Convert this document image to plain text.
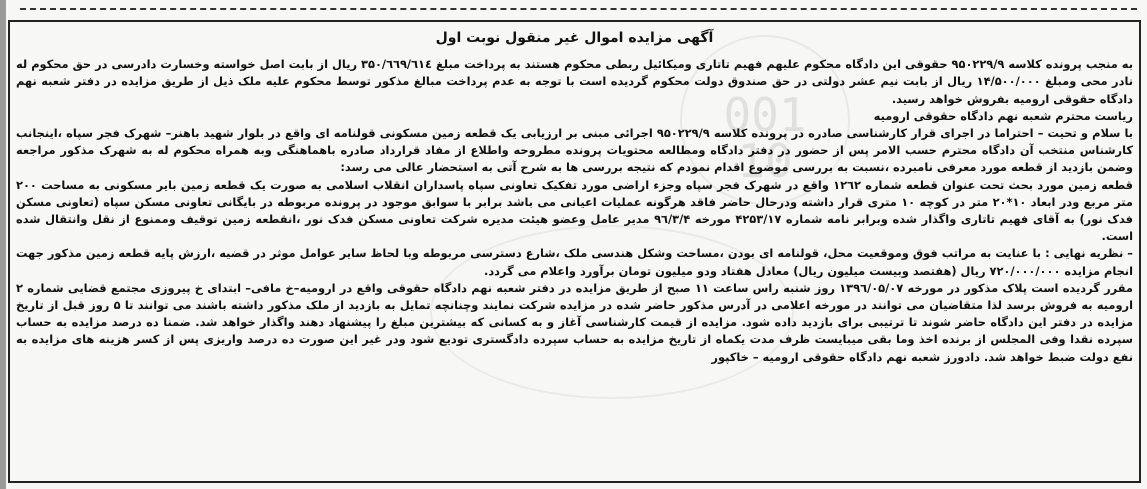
001
10
آگهی مزایده اموال غیر منقول نوبت اول

به منجب پرونده کلاسه ۹۵۰۲۲۹/۹ حقوقی این دادگاه محکوم علیهم فهیم تاتاری ومیکائیل ربطی محکوم هستند به پرداخت مبلغ ۳۵۰/٦٦٩/٦١٤ ریال از بابت اصل خواسته وخسارت دادرسی در حق محکوم له نادر محی ومبلغ ۱۴/۵۰۰/۰۰۰ ریال از بابت نیم عشر دولتی در حق صندوق دولت محکوم گردیده است با توجه به عدم پرداخت مبالغ مذکور توسط محکوم علیه ملک ذیل از طریق مزایده در دفتر شعبه نهم دادگاه حقوقی ارومیه بفروش خواهد رسید.

ریاست محترم شعبه نهم دادگاه حقوقی ارومیه

با سلام و تحیت – احتراما در اجرای قرار کارشناسی صادره در پرونده کلاسه ۹۵۰۲۲۹/۹ اجرائی مبنی بر ارزیابی یک قطعه زمین مسکونی قولنامه ای واقع در بلوار شهید باهنر– شهرک فجر سپاه ،اینجانب کارشناس منتخب آن دادگاه محترم حسب الامر پس از حضور در دفتر دادگاه ومطالعه محتویات پرونده مطروحه واطلاع از مفاد قرارداد صادره باهماهنگی وبه همراه محکوم له به شهرک مذکور مراجعه وضمن بازدید از قطعه مورد معرفی نامبرده ،نسبت به بررسی موضوع اقدام نمودم که نتیجه بررسی ها به شرح آتی به استحضار عالی می رسد:

قطعه زمین مورد بحث تحت عنوان قطعه شماره ۱۲٦۲ واقع در شهرک فجر سپاه وجزء اراضی مورد تفکیک تعاونی سپاه پاسداران انقلاب اسلامی به صورت یک قطعه زمین بایر مسکونی به مساحت ۲۰۰ متر مربع ودر ابعاد ۱۰*۲۰ متر در کوچه ۱۰ متری قرار داشته ودرحال حاضر فاقد هرگونه عملیات اعیانی می باشد برابر با سوابق موجود در پرونده مربوطه در بایگانی تعاونی مسکن سپاه (تعاونی مسکن فدک نور) به آقای فهیم تاتاری واگذار شده وبرابر نامه شماره ۴۲۵۳/۱۷ مورخه ۹٦/۳/۴ مدیر عامل وعضو هیئت مدیره شرکت تعاونی مسکن فدک نور ،انقطعه زمین توقیف وممنوع از نقل وانتقال شده است.

– نظریه نهایی : با عنایت به مراتب فوق وموقعیت محل، قولنامه ای بودن ،مساحت وشکل هندسی ملک ،شارع دسترسی مربوطه وبا لحاظ سایر عوامل موثر در قضیه ،ارزش پایه قطعه زمین مذکور جهت انجام مزایده ۷۲۰/۰۰۰/۰۰۰ ریال (هفتصد وبیست میلیون ریال) معادل هفتاد ودو میلیون تومان برآورد واعلام می گردد.

مقرر گردیده است پلاک مذکور در مورخه ۱۳۹٦/۰۵/۰۷ روز شنبه راس ساعت ۱۱ صبح از طریق مزایده در دفتر شعبه نهم دادگاه حقوقی واقع در ارومیه–خ مافی– ابتدای خ پیروزی مجتمع قضایی شماره ۲ ارومیه به فروش برسد لذا متقاضیان می توانند در مورخه اعلامی در آدرس مذکور حاضر شده در مزایده شرکت نمایند وچنانچه تمایل به بازدید از ملک مذکور داشته باشند می توانند تا ۵ روز قبل از تاریخ مزایده در دفتر این دادگاه حاضر شوند تا ترتیبی برای بازدید داده شود. مزایده از قیمت کارشناسی آغاز و به کسانی که بیشترین مبلغ را پیشنهاد دهند واگذار خواهد شد. ضمنا ده درصد مزایده به حساب سپرده نقدا وفی المجلس از برنده اخذ وما بقی میبایست ظرف مدت یکماه از تاریخ مزایده به حساب سپرده دادگستری تودیع شود ودر غیر این صورت ده درصد واریزی پس از کسر هزینه های مزایده به نفع دولت ضبط خواهد شد. دادورز شعبه نهم دادگاه حقوقی ارومیه – خاکپور
